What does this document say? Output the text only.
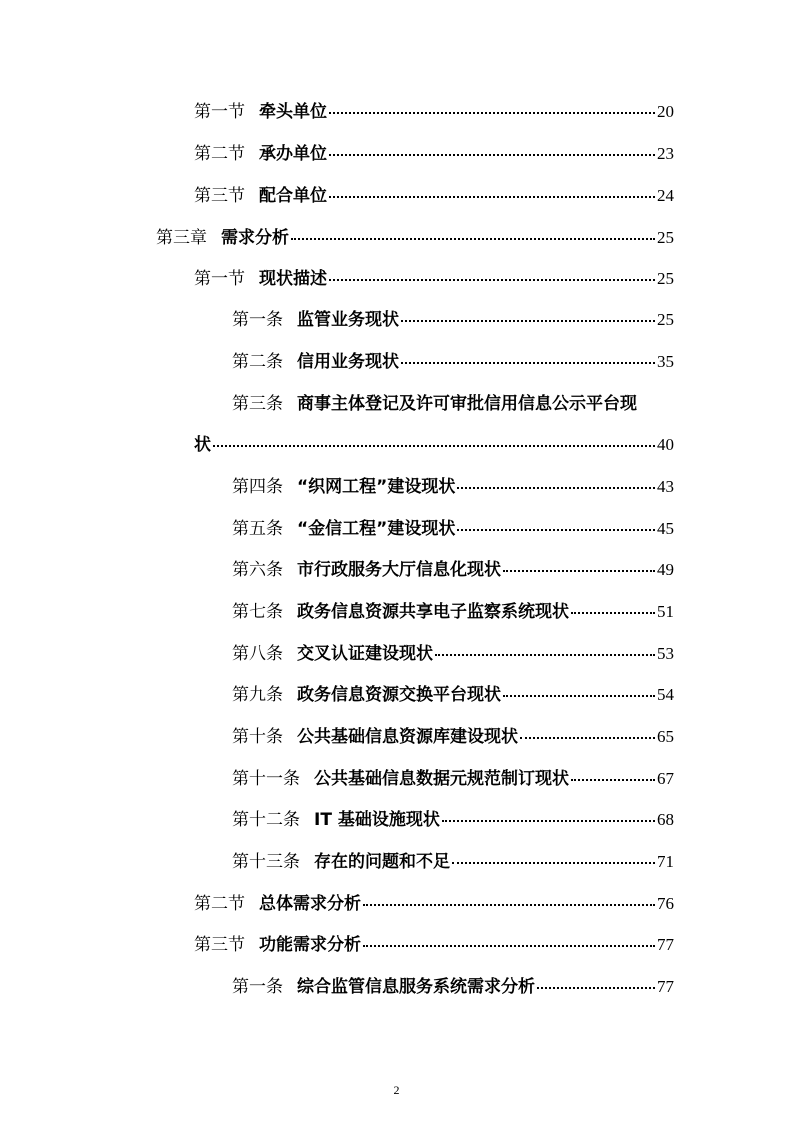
第一节 牵头单位	20
第二节 承办单位	23
第三节 配合单位	24
第三章 需求分析	25
第一节 现状描述	25
第一条 监管业务现状	25
第二条 信用业务现状	35
第三条 商事主体登记及许可审批信用信息公示平台现
状	40
第四条 “织网工程”建设现状	43
第五条 “金信工程”建设现状	45
第六条 市行政服务大厅信息化现状	49
第七条 政务信息资源共享电子监察系统现状	51
第八条 交叉认证建设现状	53
第九条 政务信息资源交换平台现状	54
第十条 公共基础信息资源库建设现状	65
第十一条 公共基础信息数据元规范制订现状	67
第十二条 IT 基础设施现状	68
第十三条 存在的问题和不足	71
第二节 总体需求分析	76
第三节 功能需求分析	77
第一条 综合监管信息服务系统需求分析	77
2
